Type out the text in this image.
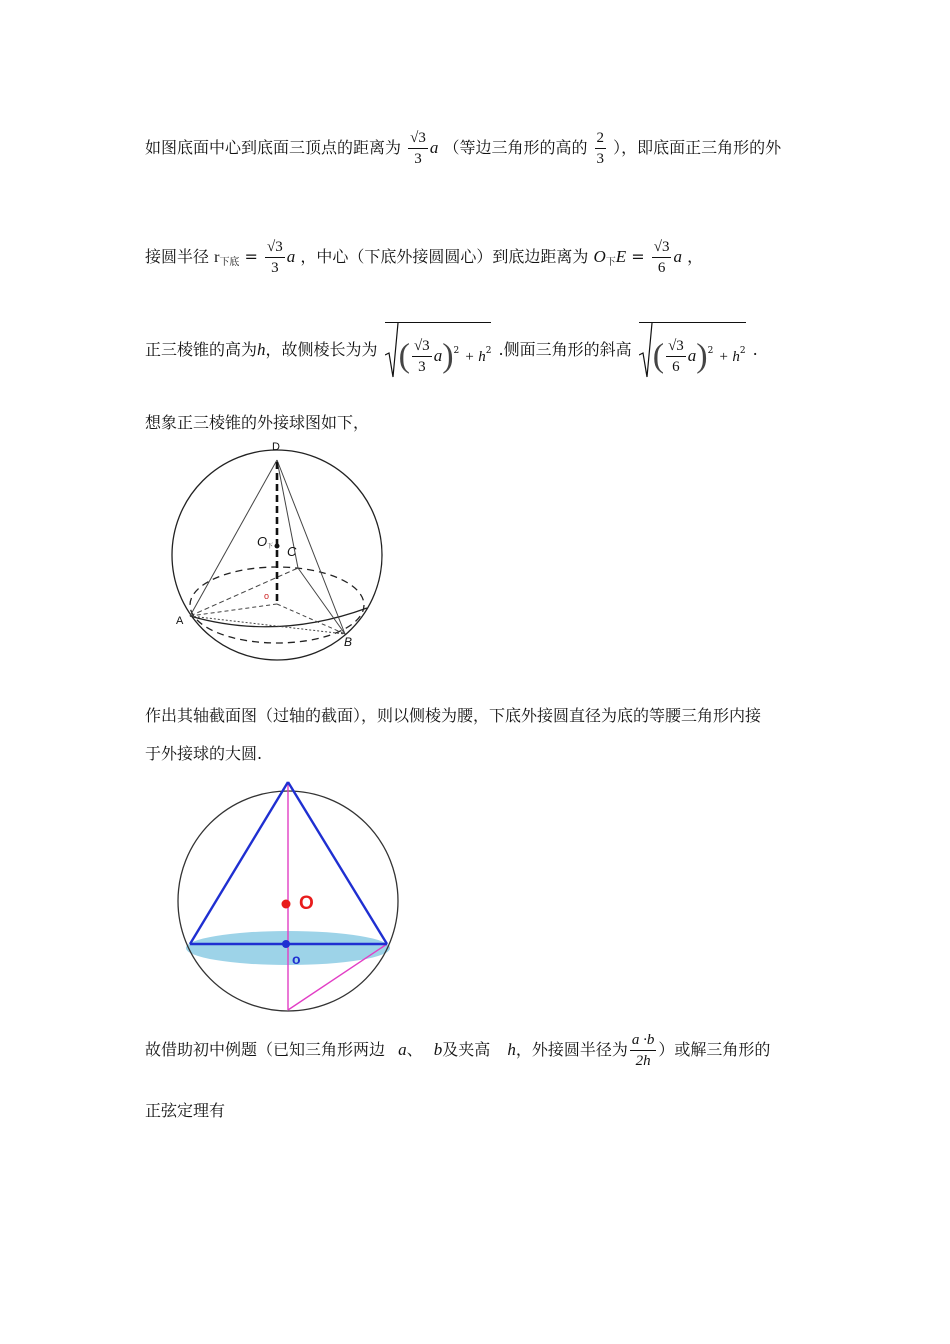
如图底面中心到底面三顶点的距离为 $\frac{√3}{3}$ a （等边三角形的高的 $\frac{2}{3}$ ），即底面正三角形的外
接圆半径 $r_{下底} = \frac{√3}{3}$ a ，中心（下底外接圆圆心）到底边距离为 $O_下E = \frac{√3}{6}$ a ，
正三棱锥的高为h，故侧棱长为为 ( $\frac{√3}{3} a)^2 + h^2$ .侧面三角形的斜高 ( $\frac{√3}{6} a)^2 + h^2$ .
想象正三棱锥的外接球图如下，
D
O 下 C
o
A
B
作出其轴截面图（过轴的截面），则以侧棱为腰，下底外接圆直径为底的等腰三角形内接
于外接球的大圆.
O
o
故借助初中例题（已知三角形两边 a、 b及夹高 h，外接圆半径为 $\frac{a \cdot b}{2h}$ ）或解三角形的
正弦定理有
